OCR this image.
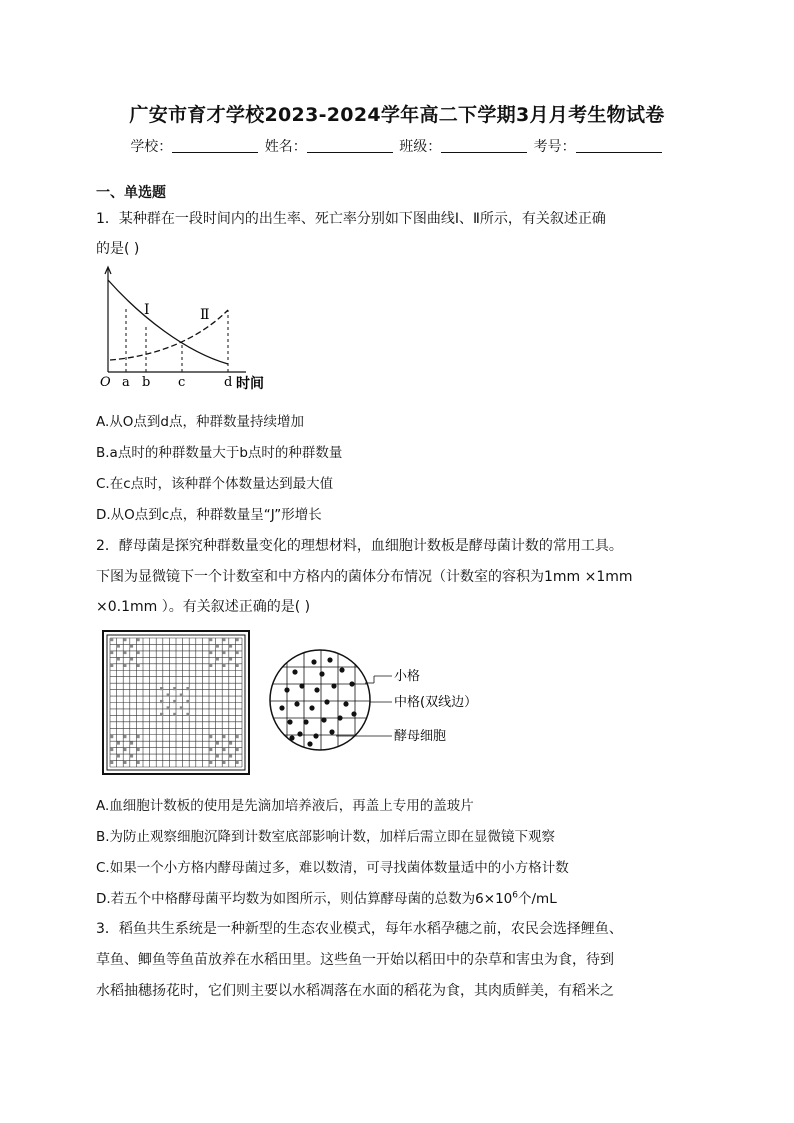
广安市育才学校2023-2024学年高二下学期3月月考生物试卷
学校：	姓名：	班级：	考号：
一、单选题
1．某种群在一段时间内的出生率、死亡率分别如下图曲线Ⅰ、Ⅱ所示，有关叙述正确
的是( )
Ⅰ	Ⅱ
O a b c	d 时间
A.从O点到d点，种群数量持续增加
B.a点时的种群数量大于b点时的种群数量
C.在c点时，该种群个体数量达到最大值
D.从O点到c点，种群数量呈“J”形增长
2．酵母菌是探究种群数量变化的理想材料，血细胞计数板是酵母菌计数的常用工具。
下图为显微镜下一个计数室和中方格内的菌体分布情况（计数室的容积为1mm ×1mm
×0.1mm ）。有关叙述正确的是( )
小格
中格(双线边）
酵母细胞
A.血细胞计数板的使用是先滴加培养液后，再盖上专用的盖玻片
B.为防止观察细胞沉降到计数室底部影响计数，加样后需立即在显微镜下观察
C.如果一个小方格内酵母菌过多，难以数清，可寻找菌体数量适中的小方格计数
D.若五个中格酵母菌平均数为如图所示，则估算酵母菌的总数为$6\times 10^6$个/mL
3．稻鱼共生系统是一种新型的生态农业模式，每年水稻孕穗之前，农民会选择鲤鱼、
草鱼、鲫鱼等鱼苗放养在水稻田里。这些鱼一开始以稻田中的杂草和害虫为食，待到
水稻抽穗扬花时，它们则主要以水稻凋落在水面的稻花为食，其肉质鲜美，有稻米之
